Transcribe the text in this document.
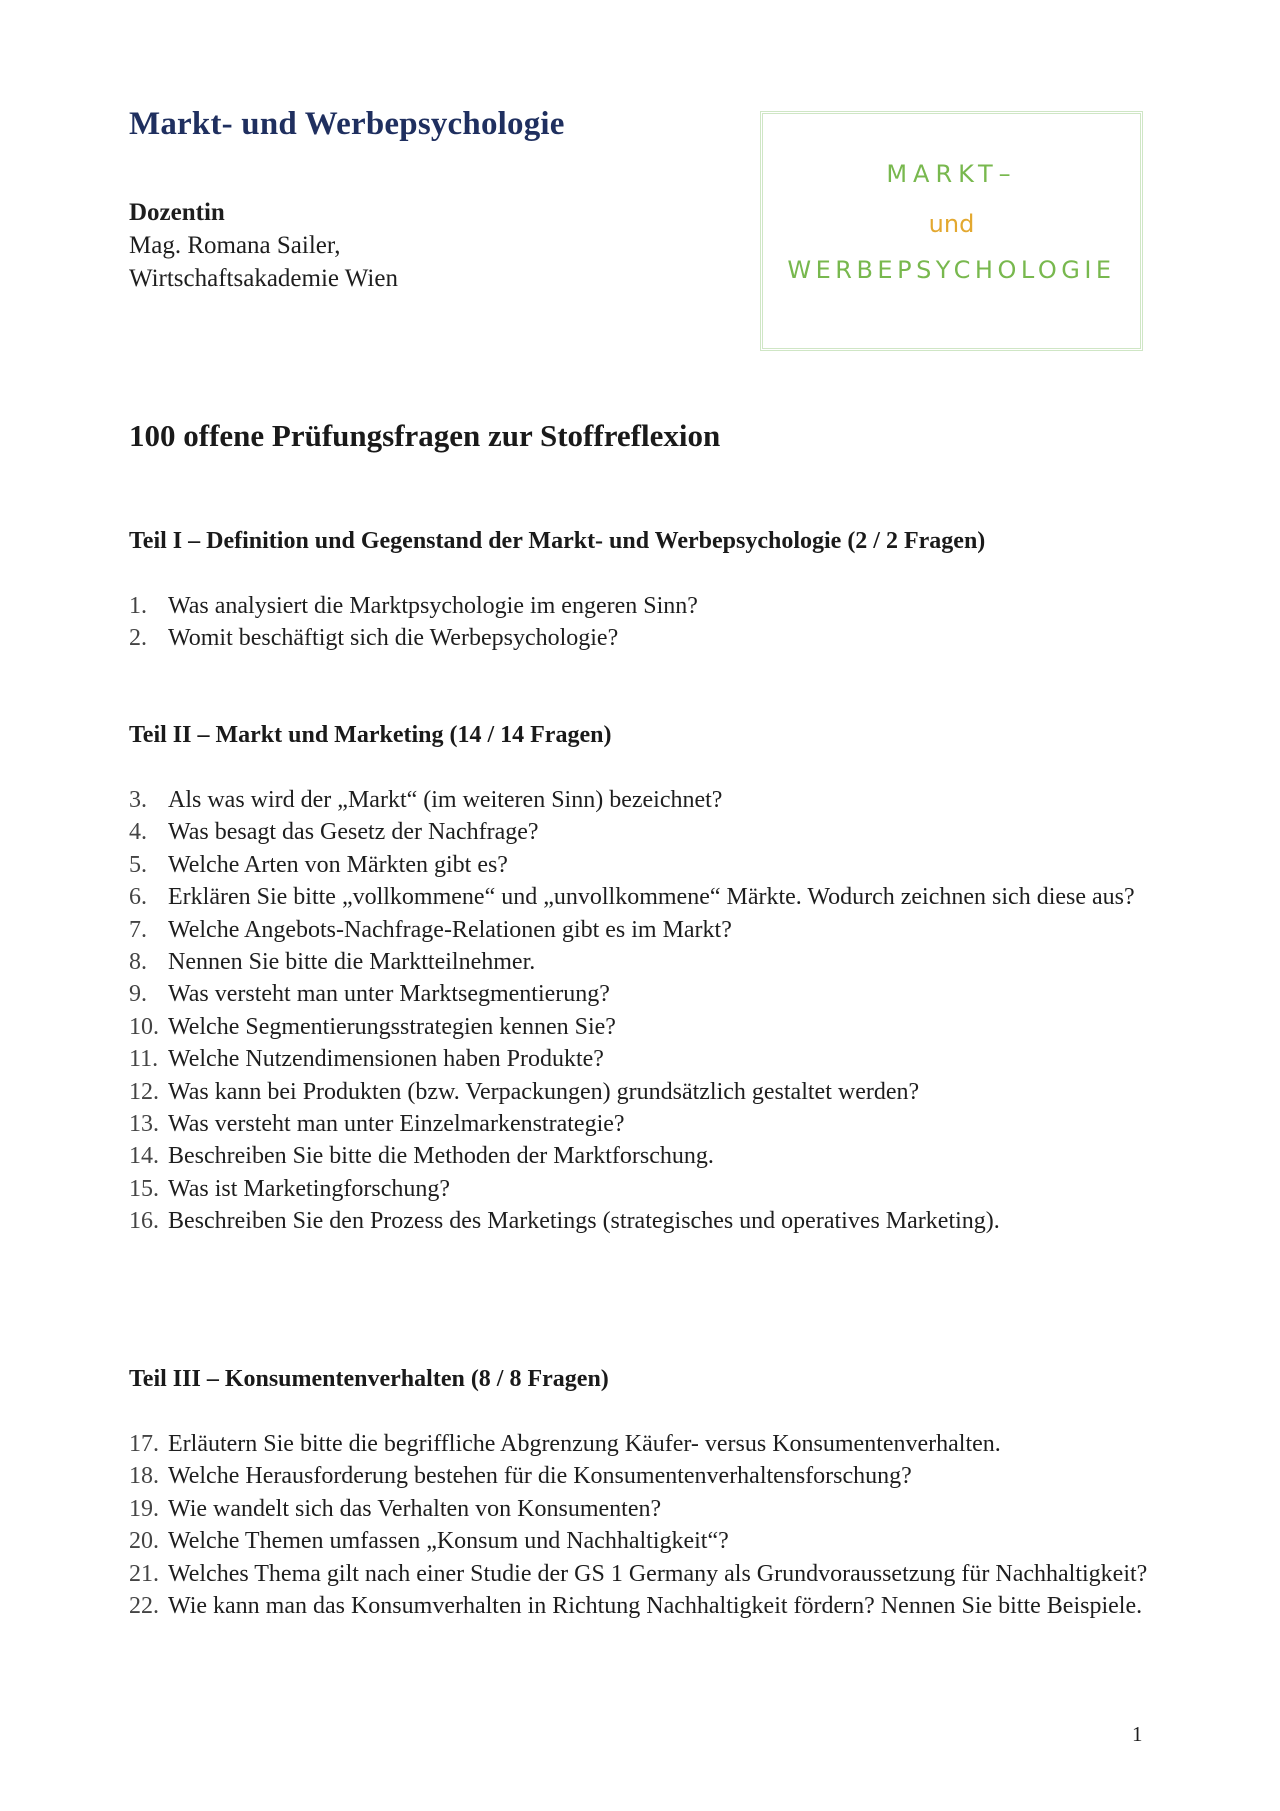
Markt- und Werbepsychologie
Dozentin
Mag. Romana Sailer,
Wirtschaftsakademie Wien
MARKT–
und
WERBEPSYCHOLOGIE
100 offene Prüfungsfragen zur Stoffreflexion
Teil I – Definition und Gegenstand der Markt- und Werbepsychologie (2 / 2 Fragen)
1. Was analysiert die Marktpsychologie im engeren Sinn?
2. Womit beschäftigt sich die Werbepsychologie?
Teil II – Markt und Marketing (14 / 14 Fragen)
3. Als was wird der „Markt“ (im weiteren Sinn) bezeichnet?
4. Was besagt das Gesetz der Nachfrage?
5. Welche Arten von Märkten gibt es?
6. Erklären Sie bitte „vollkommene“ und „unvollkommene“ Märkte. Wodurch zeichnen sich diese aus?
7. Welche Angebots-Nachfrage-Relationen gibt es im Markt?
8. Nennen Sie bitte die Marktteilnehmer.
9. Was versteht man unter Marktsegmentierung?
10. Welche Segmentierungsstrategien kennen Sie?
11. Welche Nutzendimensionen haben Produkte?
12. Was kann bei Produkten (bzw. Verpackungen) grundsätzlich gestaltet werden?
13. Was versteht man unter Einzelmarkenstrategie?
14. Beschreiben Sie bitte die Methoden der Marktforschung.
15. Was ist Marketingforschung?
16. Beschreiben Sie den Prozess des Marketings (strategisches und operatives Marketing).
Teil III – Konsumentenverhalten (8 / 8 Fragen)
17. Erläutern Sie bitte die begriffliche Abgrenzung Käufer- versus Konsumentenverhalten.
18. Welche Herausforderung bestehen für die Konsumentenverhaltensforschung?
19. Wie wandelt sich das Verhalten von Konsumenten?
20. Welche Themen umfassen „Konsum und Nachhaltigkeit“?
21. Welches Thema gilt nach einer Studie der GS 1 Germany als Grundvoraussetzung für Nachhaltigkeit?
22. Wie kann man das Konsumverhalten in Richtung Nachhaltigkeit fördern? Nennen Sie bitte Beispiele.
1
